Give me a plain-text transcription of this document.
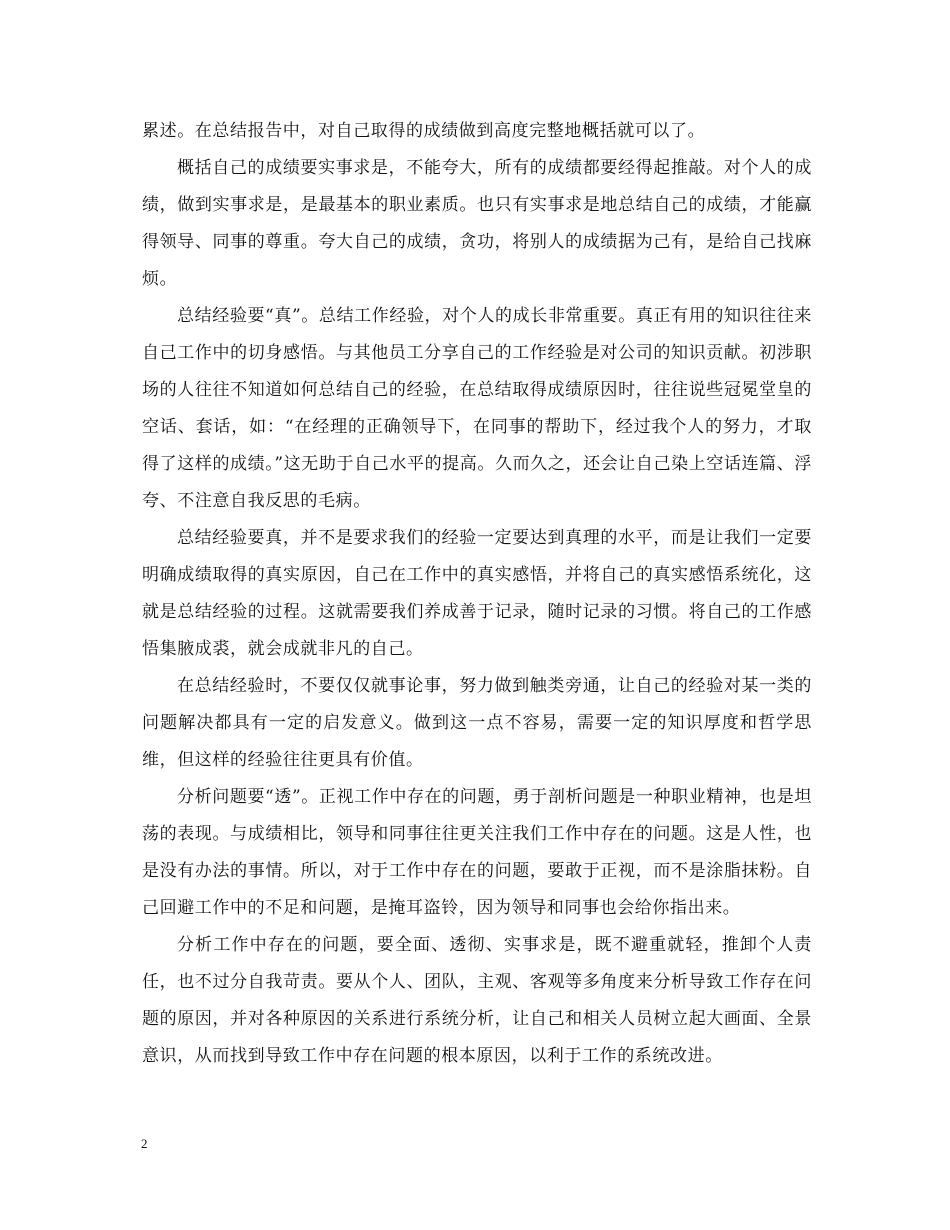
累述。在总结报告中，对自己取得的成绩做到高度完整地概括就可以了。

概括自己的成绩要实事求是，不能夸大，所有的成绩都要经得起推敲。对个人的成绩，做到实事求是，是最基本的职业素质。也只有实事求是地总结自己的成绩，才能赢得领导、同事的尊重。夸大自己的成绩，贪功，将别人的成绩据为己有，是给自己找麻烦。

总结经验要“真”。总结工作经验，对个人的成长非常重要。真正有用的知识往往来自己工作中的切身感悟。与其他员工分享自己的工作经验是对公司的知识贡献。初涉职场的人往往不知道如何总结自己的经验，在总结取得成绩原因时，往往说些冠冕堂皇的空话、套话，如：“在经理的正确领导下，在同事的帮助下，经过我个人的努力，才取得了这样的成绩。”这无助于自己水平的提高。久而久之，还会让自己染上空话连篇、浮夸、不注意自我反思的毛病。

总结经验要真，并不是要求我们的经验一定要达到真理的水平，而是让我们一定要明确成绩取得的真实原因，自己在工作中的真实感悟，并将自己的真实感悟系统化，这就是总结经验的过程。这就需要我们养成善于记录，随时记录的习惯。将自己的工作感悟集腋成裘，就会成就非凡的自己。

在总结经验时，不要仅仅就事论事，努力做到触类旁通，让自己的经验对某一类的问题解决都具有一定的启发意义。做到这一点不容易，需要一定的知识厚度和哲学思维，但这样的经验往往更具有价值。

分析问题要“透”。正视工作中存在的问题，勇于剖析问题是一种职业精神，也是坦荡的表现。与成绩相比，领导和同事往往更关注我们工作中存在的问题。这是人性，也是没有办法的事情。所以，对于工作中存在的问题，要敢于正视，而不是涂脂抹粉。自己回避工作中的不足和问题，是掩耳盗铃，因为领导和同事也会给你指出来。

分析工作中存在的问题，要全面、透彻、实事求是，既不避重就轻，推卸个人责任，也不过分自我苛责。要从个人、团队，主观、客观等多角度来分析导致工作存在问题的原因，并对各种原因的关系进行系统分析，让自己和相关人员树立起大画面、全景意识，从而找到导致工作中存在问题的根本原因，以利于工作的系统改进。

2
